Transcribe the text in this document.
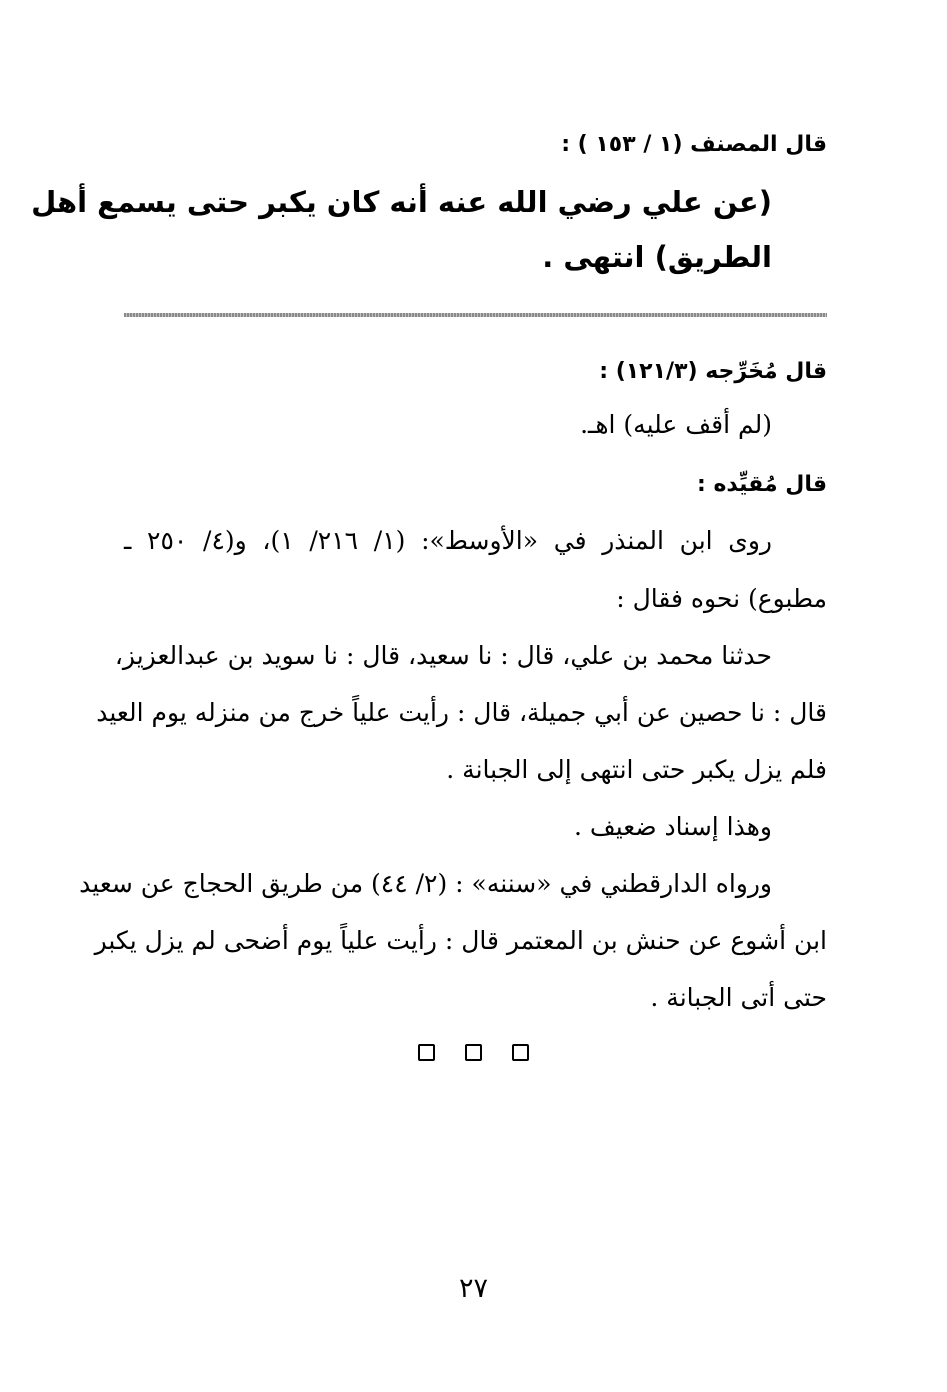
قال المصنف (١ / ١٥٣ ) :
(عن علي رضي الله عنه أنه كان يكبر حتى يسمع أهل
الطريق) انتهى .
قال مُخَرِّجه (١٢١/٣) :
(لم أقف عليه) اهـ.
قال مُقيِّده :
روى ابن المنذر في «الأوسط»: (١/ ٢١٦/ ١)، و(٤/ ٢٥٠ ـ
مطبوع) نحوه فقال :
حدثنا محمد بن علي، قال : نا سعيد، قال : نا سويد بن عبدالعزيز،
قال : نا حصين عن أبي جميلة، قال : رأيت علياً خرج من منزله يوم العيد
فلم يزل يكبر حتى انتهى إلى الجبانة .
وهذا إسناد ضعيف .
ورواه الدارقطني في «سننه» : (٢/ ٤٤) من طريق الحجاج عن سعيد
ابن أشوع عن حنش بن المعتمر قال : رأيت علياً يوم أضحى لم يزل يكبر
حتى أتى الجبانة .
٢٧
